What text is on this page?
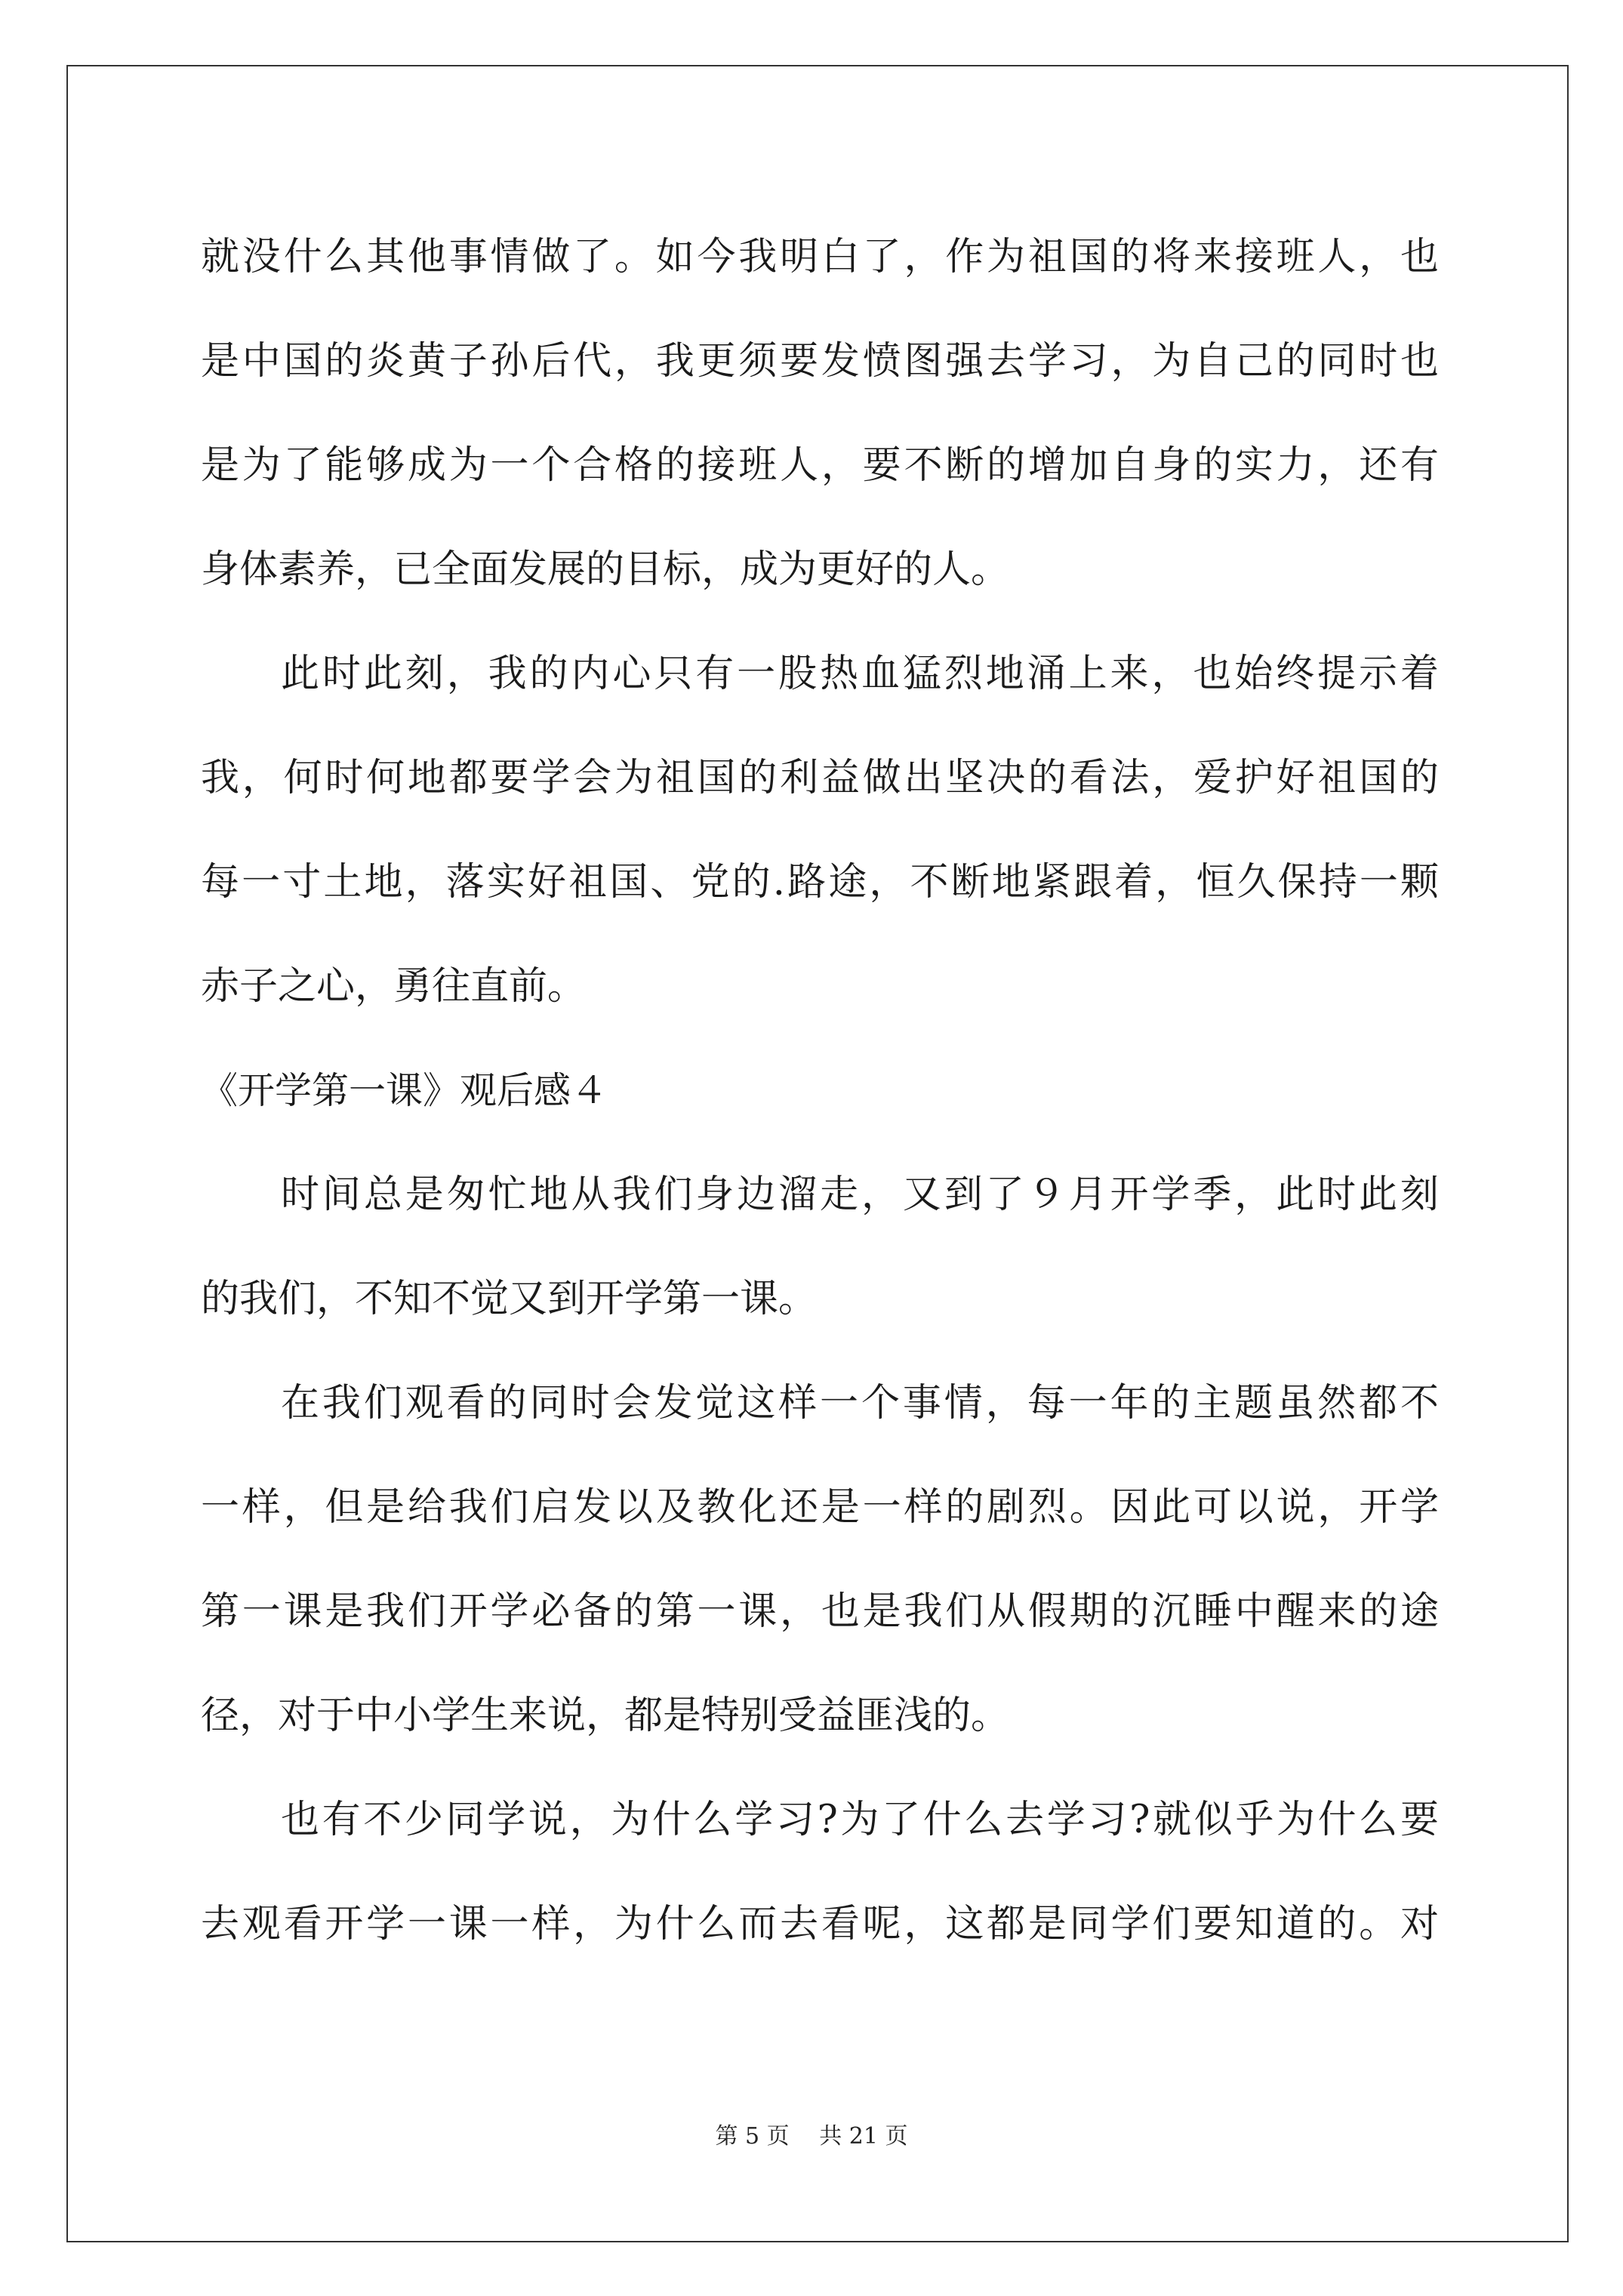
就没什么其他事情做了。如今我明白了，作为祖国的将来接班人，也
是中国的炎黄子孙后代，我更须要发愤图强去学习，为自己的同时也
是为了能够成为一个合格的接班人，要不断的增加自身的实力，还有
身体素养，已全面发展的目标，成为更好的人。
此时此刻，我的内心只有一股热血猛烈地涌上来，也始终提示着
我，何时何地都要学会为祖国的利益做出坚决的看法，爱护好祖国的
每一寸土地，落实好祖国、党的.路途，不断地紧跟着，恒久保持一颗
赤子之心，勇往直前。
《开学第一课》观后感４
时间总是匆忙地从我们身边溜走，又到了９月开学季，此时此刻
的我们，不知不觉又到开学第一课。
在我们观看的同时会发觉这样一个事情，每一年的主题虽然都不
一样，但是给我们启发以及教化还是一样的剧烈。因此可以说，开学
第一课是我们开学必备的第一课，也是我们从假期的沉睡中醒来的途
径，对于中小学生来说，都是特别受益匪浅的。
也有不少同学说，为什么学习?为了什么去学习?就似乎为什么要
去观看开学一课一样，为什么而去看呢，这都是同学们要知道的。对
第 5 页　 共 21 页
